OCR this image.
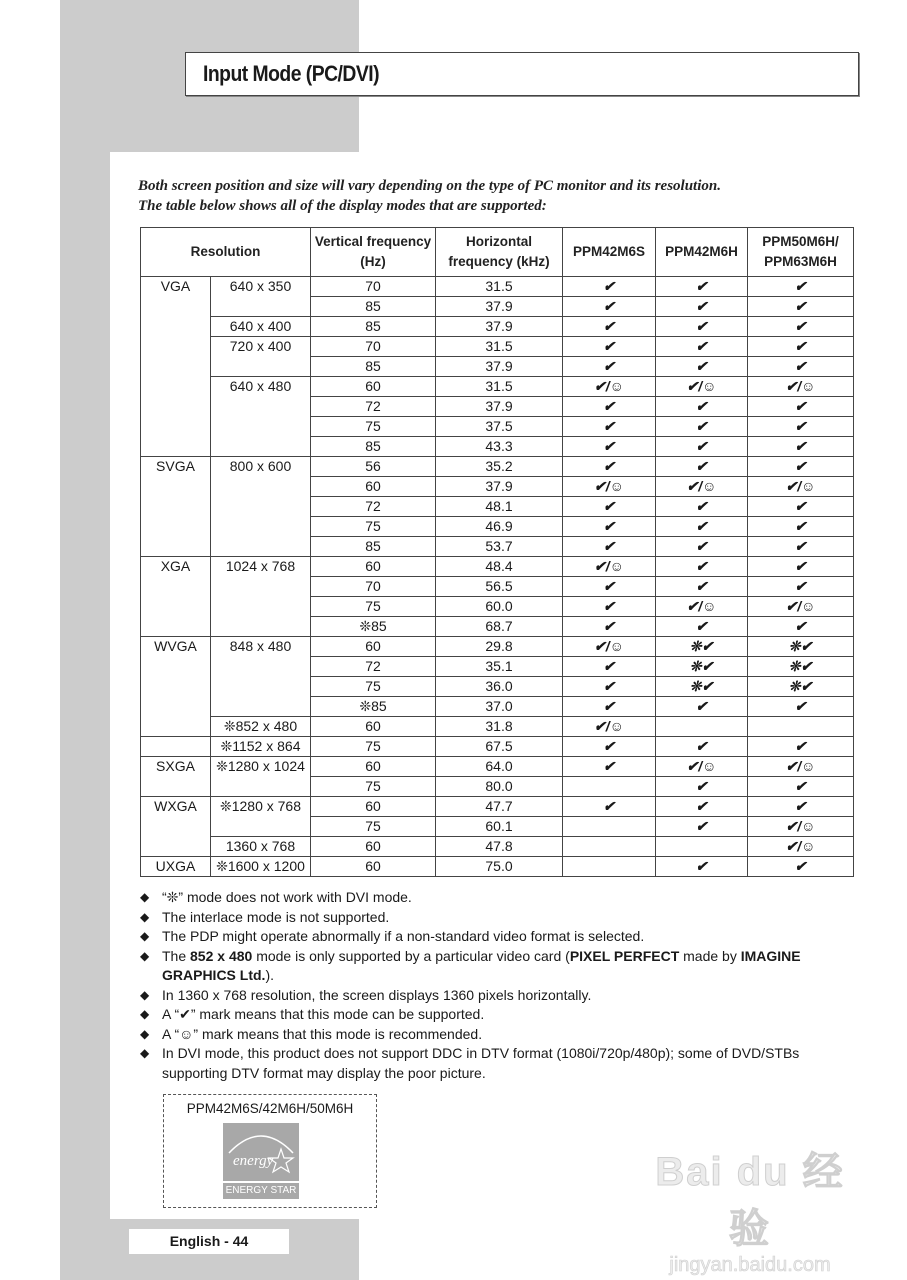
Input Mode (PC/DVI)
Both screen position and size will vary depending on the type of PC monitor and its resolution.
The table below shows all of the display modes that are supported:
Resolution		Vertical frequency (Hz)	Horizontal frequency (kHz)	PPM42M6S	PPM42M6H	PPM50M6H/ PPM63M6H
VGA	640 x 350	70	31.5	✔	✔	✔
		85	37.9	✔	✔	✔
	640 x 400	85	37.9	✔	✔	✔
	720 x 400	70	31.5	✔	✔	✔
		85	37.9	✔	✔	✔
	640 x 480	60	31.5	✔/☺	✔/☺	✔/☺
		72	37.9	✔	✔	✔
		75	37.5	✔	✔	✔
		85	43.3	✔	✔	✔
SVGA	800 x 600	56	35.2	✔	✔	✔
		60	37.9	✔/☺	✔/☺	✔/☺
		72	48.1	✔	✔	✔
		75	46.9	✔	✔	✔
		85	53.7	✔	✔	✔
XGA	1024 x 768	60	48.4	✔/☺	✔	✔
		70	56.5	✔	✔	✔
		75	60.0	✔	✔/☺	✔/☺
		❊85	68.7	✔	✔	✔
WVGA	848 x 480	60	29.8	✔/☺	❊✔	❊✔
		72	35.1	✔	❊✔	❊✔
		75	36.0	✔	❊✔	❊✔
		❊85	37.0	✔	✔	✔
	❊852 x 480	60	31.8	✔/☺		
	❊1152 x 864	75	67.5	✔	✔	✔
SXGA	❊1280 x 1024	60	64.0	✔	✔/☺	✔/☺
		75	80.0		✔	✔
WXGA	❊1280 x 768	60	47.7	✔	✔	✔
		75	60.1		✔	✔/☺
	1360 x 768	60	47.8			✔/☺
UXGA	❊1600 x 1200	60	75.0		✔	✔
◆ “❊” mode does not work with DVI mode.
◆ The interlace mode is not supported.
◆ The PDP might operate abnormally if a non-standard video format is selected.
◆ The 852 x 480 mode is only supported by a particular video card (PIXEL PERFECT made by IMAGINE GRAPHICS Ltd.).
◆ In 1360 x 768 resolution, the screen displays 1360 pixels horizontally.
◆ A “✔” mark means that this mode can be supported.
◆ A “☺” mark means that this mode is recommended.
◆ In DVI mode, this product does not support DDC in DTV format (1080i/720p/480p); some of DVD/STBs supporting DTV format may display the poor picture.
PPM42M6S/42M6H/50M6H
energy
ENERGY STAR
English - 44
Bai du 经验
jingyan.baidu.com
